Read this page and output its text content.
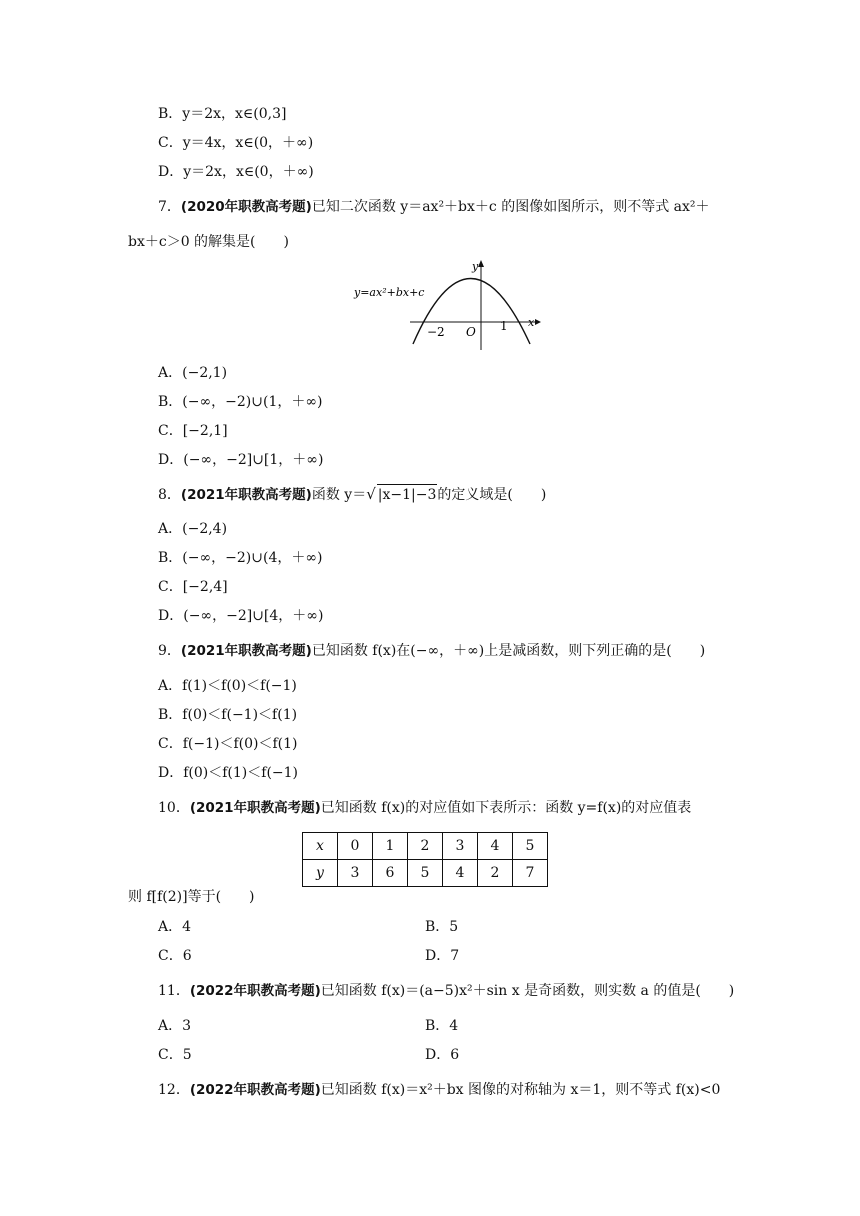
B．y＝2x，x∈(0,3]
C．y＝4x，x∈(0，＋∞)
D．y＝2x，x∈(0，＋∞)
7．(2020年职教高考题)已知二次函数 y＝ax²＋bx＋c 的图像如图所示，则不等式 ax²＋
bx＋c＞0 的解集是(　　)
y=ax²+bx+c
y
x
O
−2	1
A．(−2,1)
B．(−∞，−2)∪(1，＋∞)
C．[−2,1]
D．(−∞，−2]∪[1，＋∞)
8．(2021年职教高考题)函数 y＝√ |x−1|−3的定义域是(　　)
A．(−2,4)
B．(−∞，−2)∪(4，＋∞)
C．[−2,4]
D．(−∞，−2]∪[4，＋∞)
9．(2021年职教高考题)已知函数 f(x)在(−∞，＋∞)上是减函数，则下列正确的是(　　)
A．f(1)＜f(0)＜f(−1)
B．f(0)＜f(−1)＜f(1)
C．f(−1)＜f(0)＜f(1)
D．f(0)＜f(1)＜f(−1)
10．(2021年职教高考题)已知函数 f(x)的对应值如下表所示：函数 y=f(x)的对应值表
x	0	1	2	3	4	5
y	3	6	5	4	2	7
则 f[f(2)]等于(　　)
A．4	B．5
C．6	D．7
11．(2022年职教高考题)已知函数 f(x)＝(a−5)x²＋sin x 是奇函数，则实数 a 的值是(　　)
A．3	B．4
C．5	D．6
12．(2022年职教高考题)已知函数 f(x)＝x²＋bx 图像的对称轴为 x＝1，则不等式 f(x)<0
